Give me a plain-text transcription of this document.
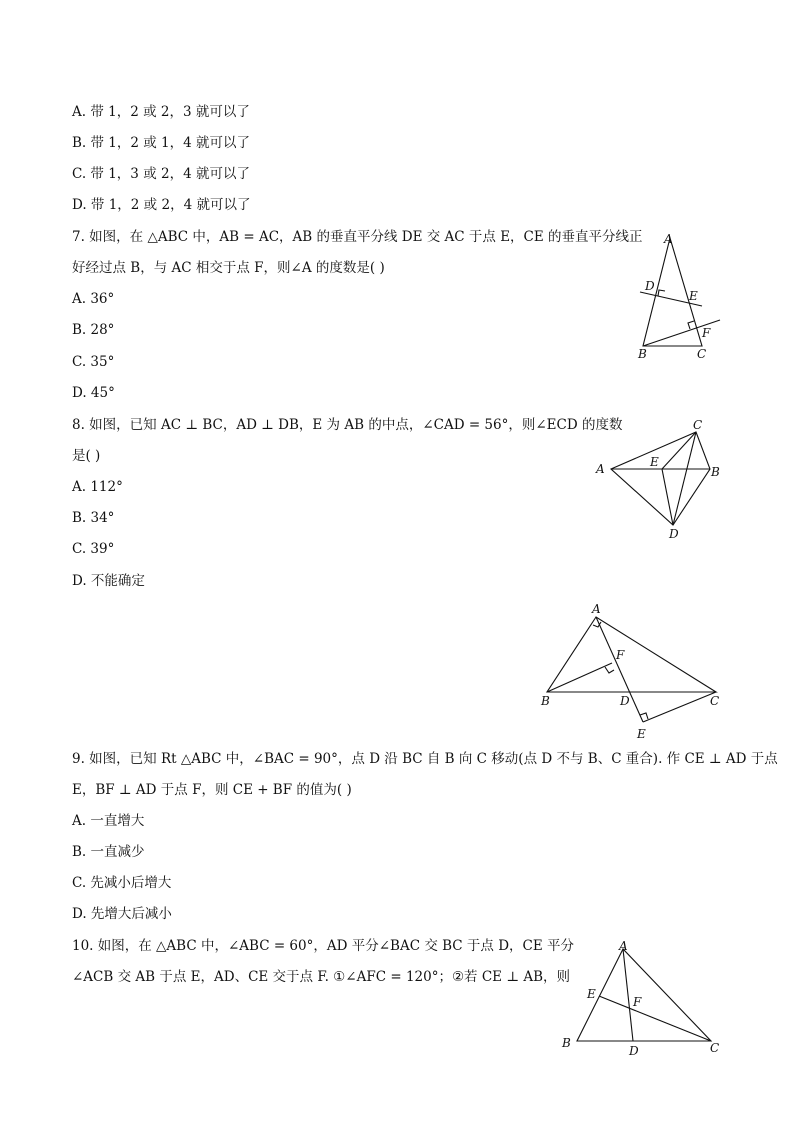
A. 带 1，2 或 2，3 就可以了
B. 带 1，2 或 1，4 就可以了
C. 带 1，3 或 2，4 就可以了
D. 带 1，2 或 2，4 就可以了
7. 如图，在 △ABC 中，AB = AC，AB 的垂直平分线 DE 交 AC 于点 E，CE 的垂直平分线正
好经过点 B，与 AC 相交于点 F，则∠A 的度数是( )
A. 36°
B. 28°
C. 35°
D. 45°
A
D
E
F
B	C
8. 如图，已知 AC ⊥ BC，AD ⊥ DB，E 为 AB 的中点，∠CAD = 56°，则∠ECD 的度数
是( )
A. 112°
B. 34°
C. 39°
D. 不能确定
C
A	E
B
D
A
F
B	D	C
E
9. 如图，已知 Rt △ABC 中，∠BAC = 90°，点 D 沿 BC 自 B 向 C 移动(点 D 不与 B、C 重合). 作 CE ⊥ AD 于点
E，BF ⊥ AD 于点 F，则 CE + BF 的值为( )
A. 一直增大
B. 一直减少
C. 先减小后增大
D. 先增大后减小
10. 如图，在 △ABC 中，∠ABC = 60°，AD 平分∠BAC 交 BC 于点 D，CE 平分
∠ACB 交 AB 于点 E，AD、CE 交于点 F. ①∠AFC = 120°；②若 CE ⊥ AB，则
A
E
F
B
D	C
